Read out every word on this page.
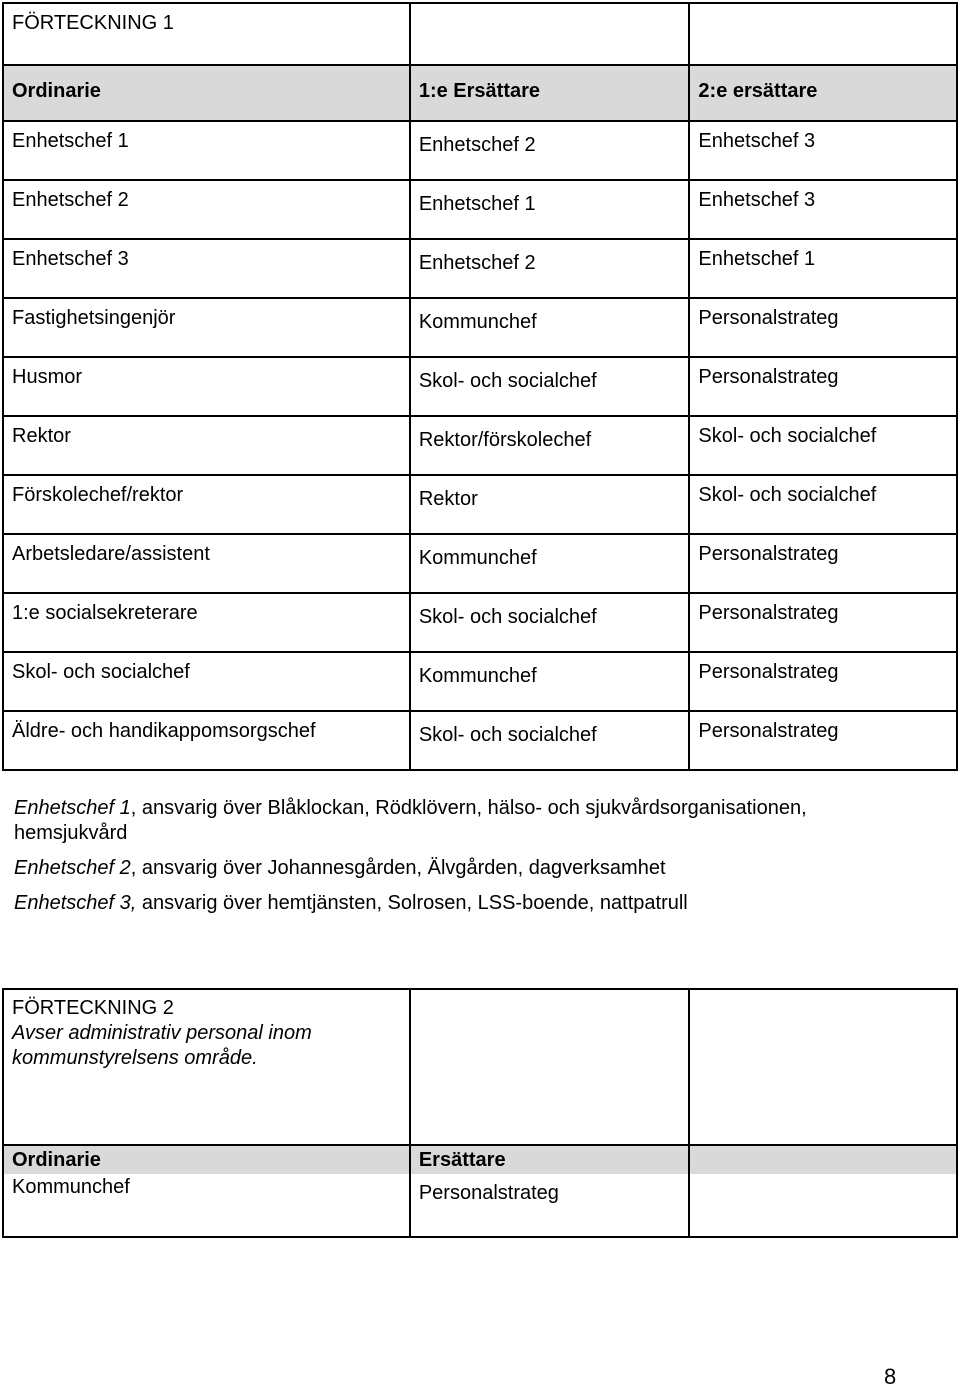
FÖRTECKNING 1		

Ordinarie	1:e Ersättare	2:e ersättare

Enhetschef 1	Enhetschef 2	Enhetschef 3

Enhetschef 2	Enhetschef 1	Enhetschef 3

Enhetschef 3	Enhetschef 2	Enhetschef 1

Fastighetsingenjör	Kommunchef	Personalstrateg

Husmor	Skol- och socialchef	Personalstrateg

Rektor	Rektor/förskolechef	Skol- och socialchef

Förskolechef/rektor	Rektor	Skol- och socialchef

Arbetsledare/assistent	Kommunchef	Personalstrateg

1:e socialsekreterare	Skol- och socialchef	Personalstrateg

Skol- och socialchef	Kommunchef	Personalstrateg

Äldre- och handikappomsorgschef	Skol- och socialchef	Personalstrateg

Enhetschef 1, ansvarig över Blåklockan, Rödklövern, hälso- och sjukvårdsorganisationen, hemsjukvård

Enhetschef 2, ansvarig över Johannesgården, Älvgården, dagverksamhet

Enhetschef 3, ansvarig över hemtjänsten, Solrosen, LSS-boende, nattpatrull

FÖRTECKNING 2
Avser administrativ personal inom kommunstyrelsens område.		

Ordinarie	Ersättare	

Kommunchef	Personalstrateg	

8
